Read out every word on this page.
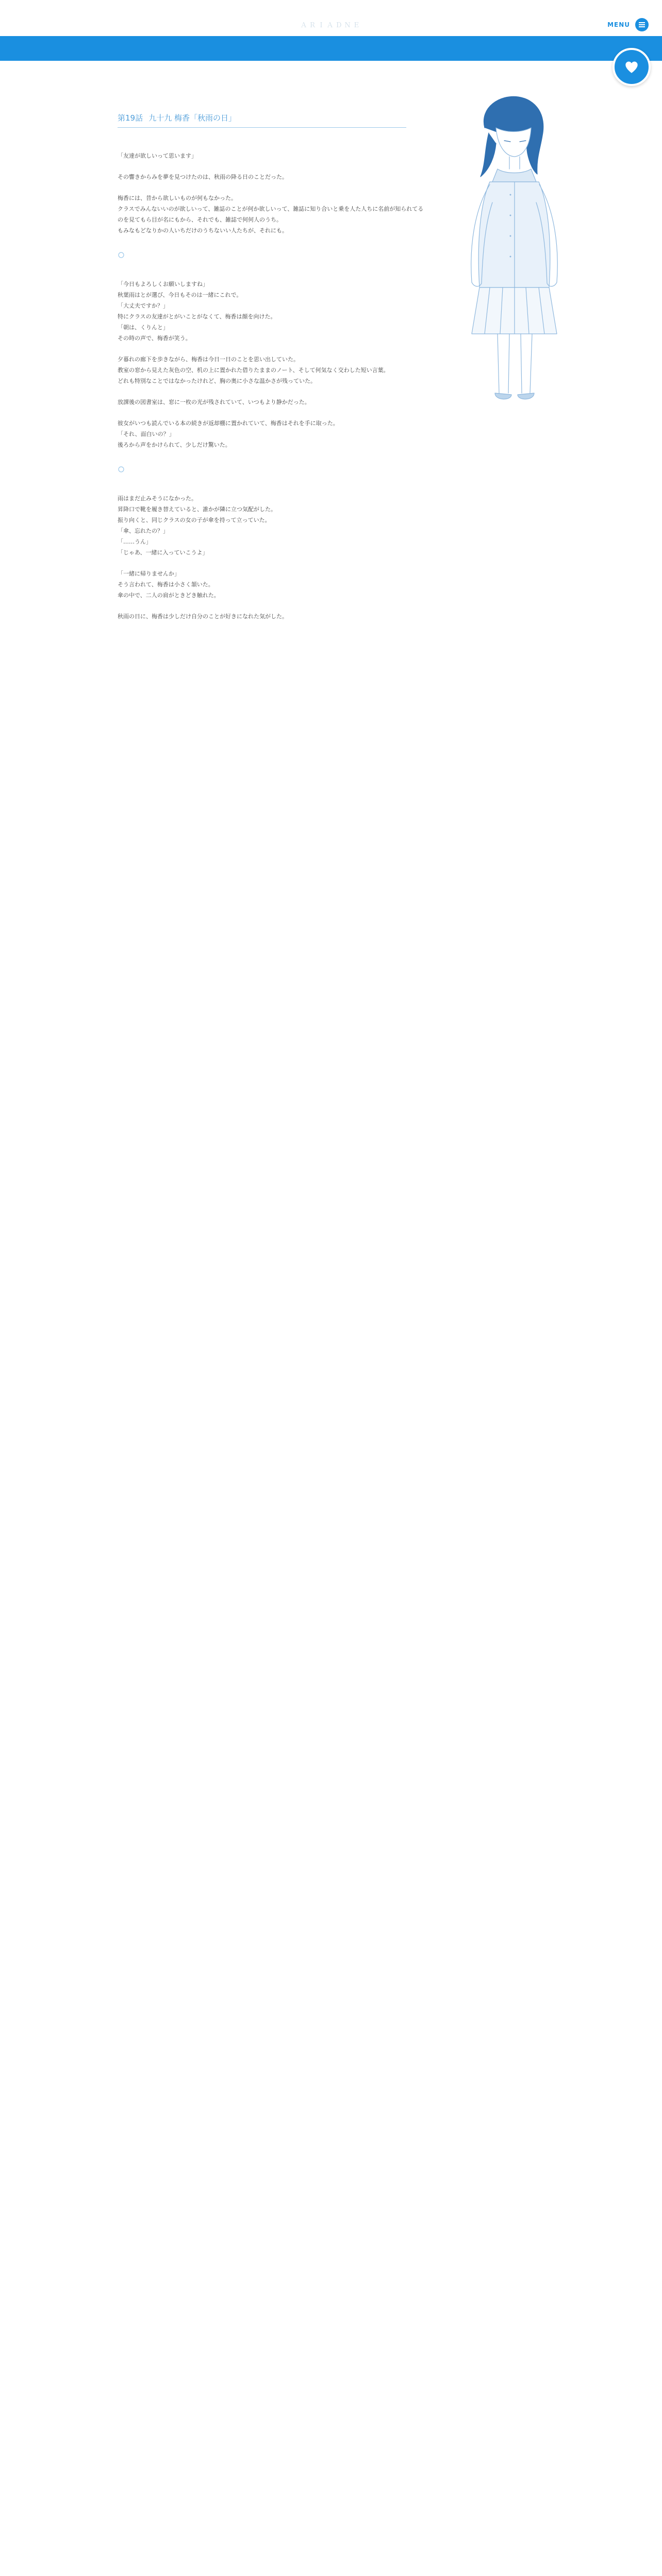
ＡＲＩＡＤＮＥ	MENU
第19話 九十九 梅香「秋雨の日」

「友達が欲しいって思います」

その響きからみを夢を見つけたのは、秋雨の降る日のことだった。

梅香には、昔から欲しいものが何もなかった。
クラスでみんないいのが欲しいって、雑誌のことが何か欲しいって、雑誌に知り合いと乗を人た人ちに名前が知られてるのを見てもら目が名にもから、それでも、雑誌で何何人のうち。
もみなもどなりかの人いちだけのうちないい人たちが、それにも。

「今日もよろしくお願いしますね」
秋葉雨はとが選び、今日もそのは一緒にこれで。
「大丈夫ですか？」
特にクラスの友達がとがいことがなくて、梅香は顔を向けた。
「朝は、くりんと」
その時の声で、梅香が笑う。

夕暮れの廊下を歩きながら、梅香は今日一日のことを思い出していた。
教室の窓から見えた灰色の空、机の上に置かれた借りたままのノート、そして何気なく交わした短い言葉。
どれも特別なことではなかったけれど、胸の奥に小さな温かさが残っていた。

放課後の図書室は、窓に一枚の光が残されていて、いつもより静かだった。

彼女がいつも読んでいる本の続きが返却棚に置かれていて、梅香はそれを手に取った。
「それ、面白いの？」
後ろから声をかけられて、少しだけ驚いた。

雨はまだ止みそうになかった。
昇降口で靴を履き替えていると、誰かが隣に立つ気配がした。
振り向くと、同じクラスの女の子が傘を持って立っていた。
「傘、忘れたの？」
「……うん」
「じゃあ、一緒に入っていこうよ」

「一緒に帰りませんか」
そう言われて、梅香は小さく頷いた。
傘の中で、二人の肩がときどき触れた。

秋雨の日に、梅香は少しだけ自分のことが好きになれた気がした。
